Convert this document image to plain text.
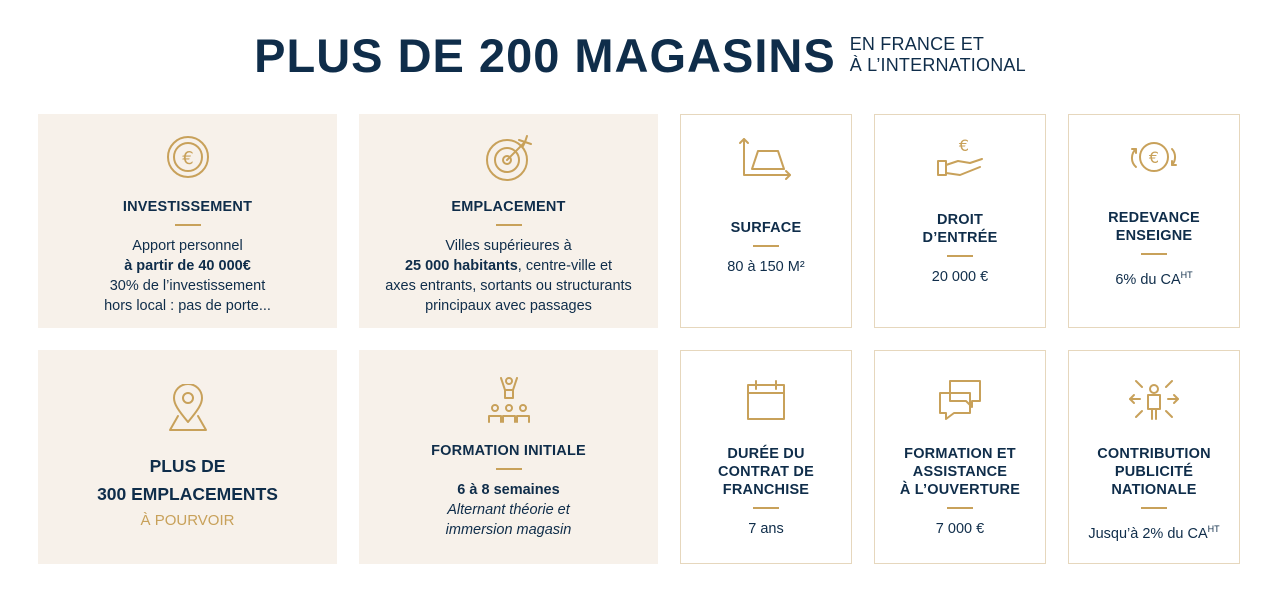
PLUS DE 200 MAGASINS EN FRANCE ET
À L’INTERNATIONAL
€
INVESTISSEMENT
Apport personnel
à partir de 40 000€
30% de l’investissement
hors local : pas de porte...
EMPLACEMENT
Villes supérieures à
25 000 habitants, centre-ville et
axes entrants, sortants ou structurants
principaux avec passages
SURFACE
80 à 150 M²
€
DROIT
D’ENTRÉE
20 000 €
€
REDEVANCE
ENSEIGNE
6% du $CA^{HT}$
PLUS DE
300 EMPLACEMENTS
À POURVOIR
FORMATION INITIALE
6 à 8 semaines
Alternant théorie et
immersion magasin
DURÉE DU
CONTRAT DE
FRANCHISE
7 ans
FORMATION ET
ASSISTANCE
À L’OUVERTURE
7 000 €
CONTRIBUTION
PUBLICITÉ
NATIONALE
Jusqu’à 2% du $CA^{HT}$
